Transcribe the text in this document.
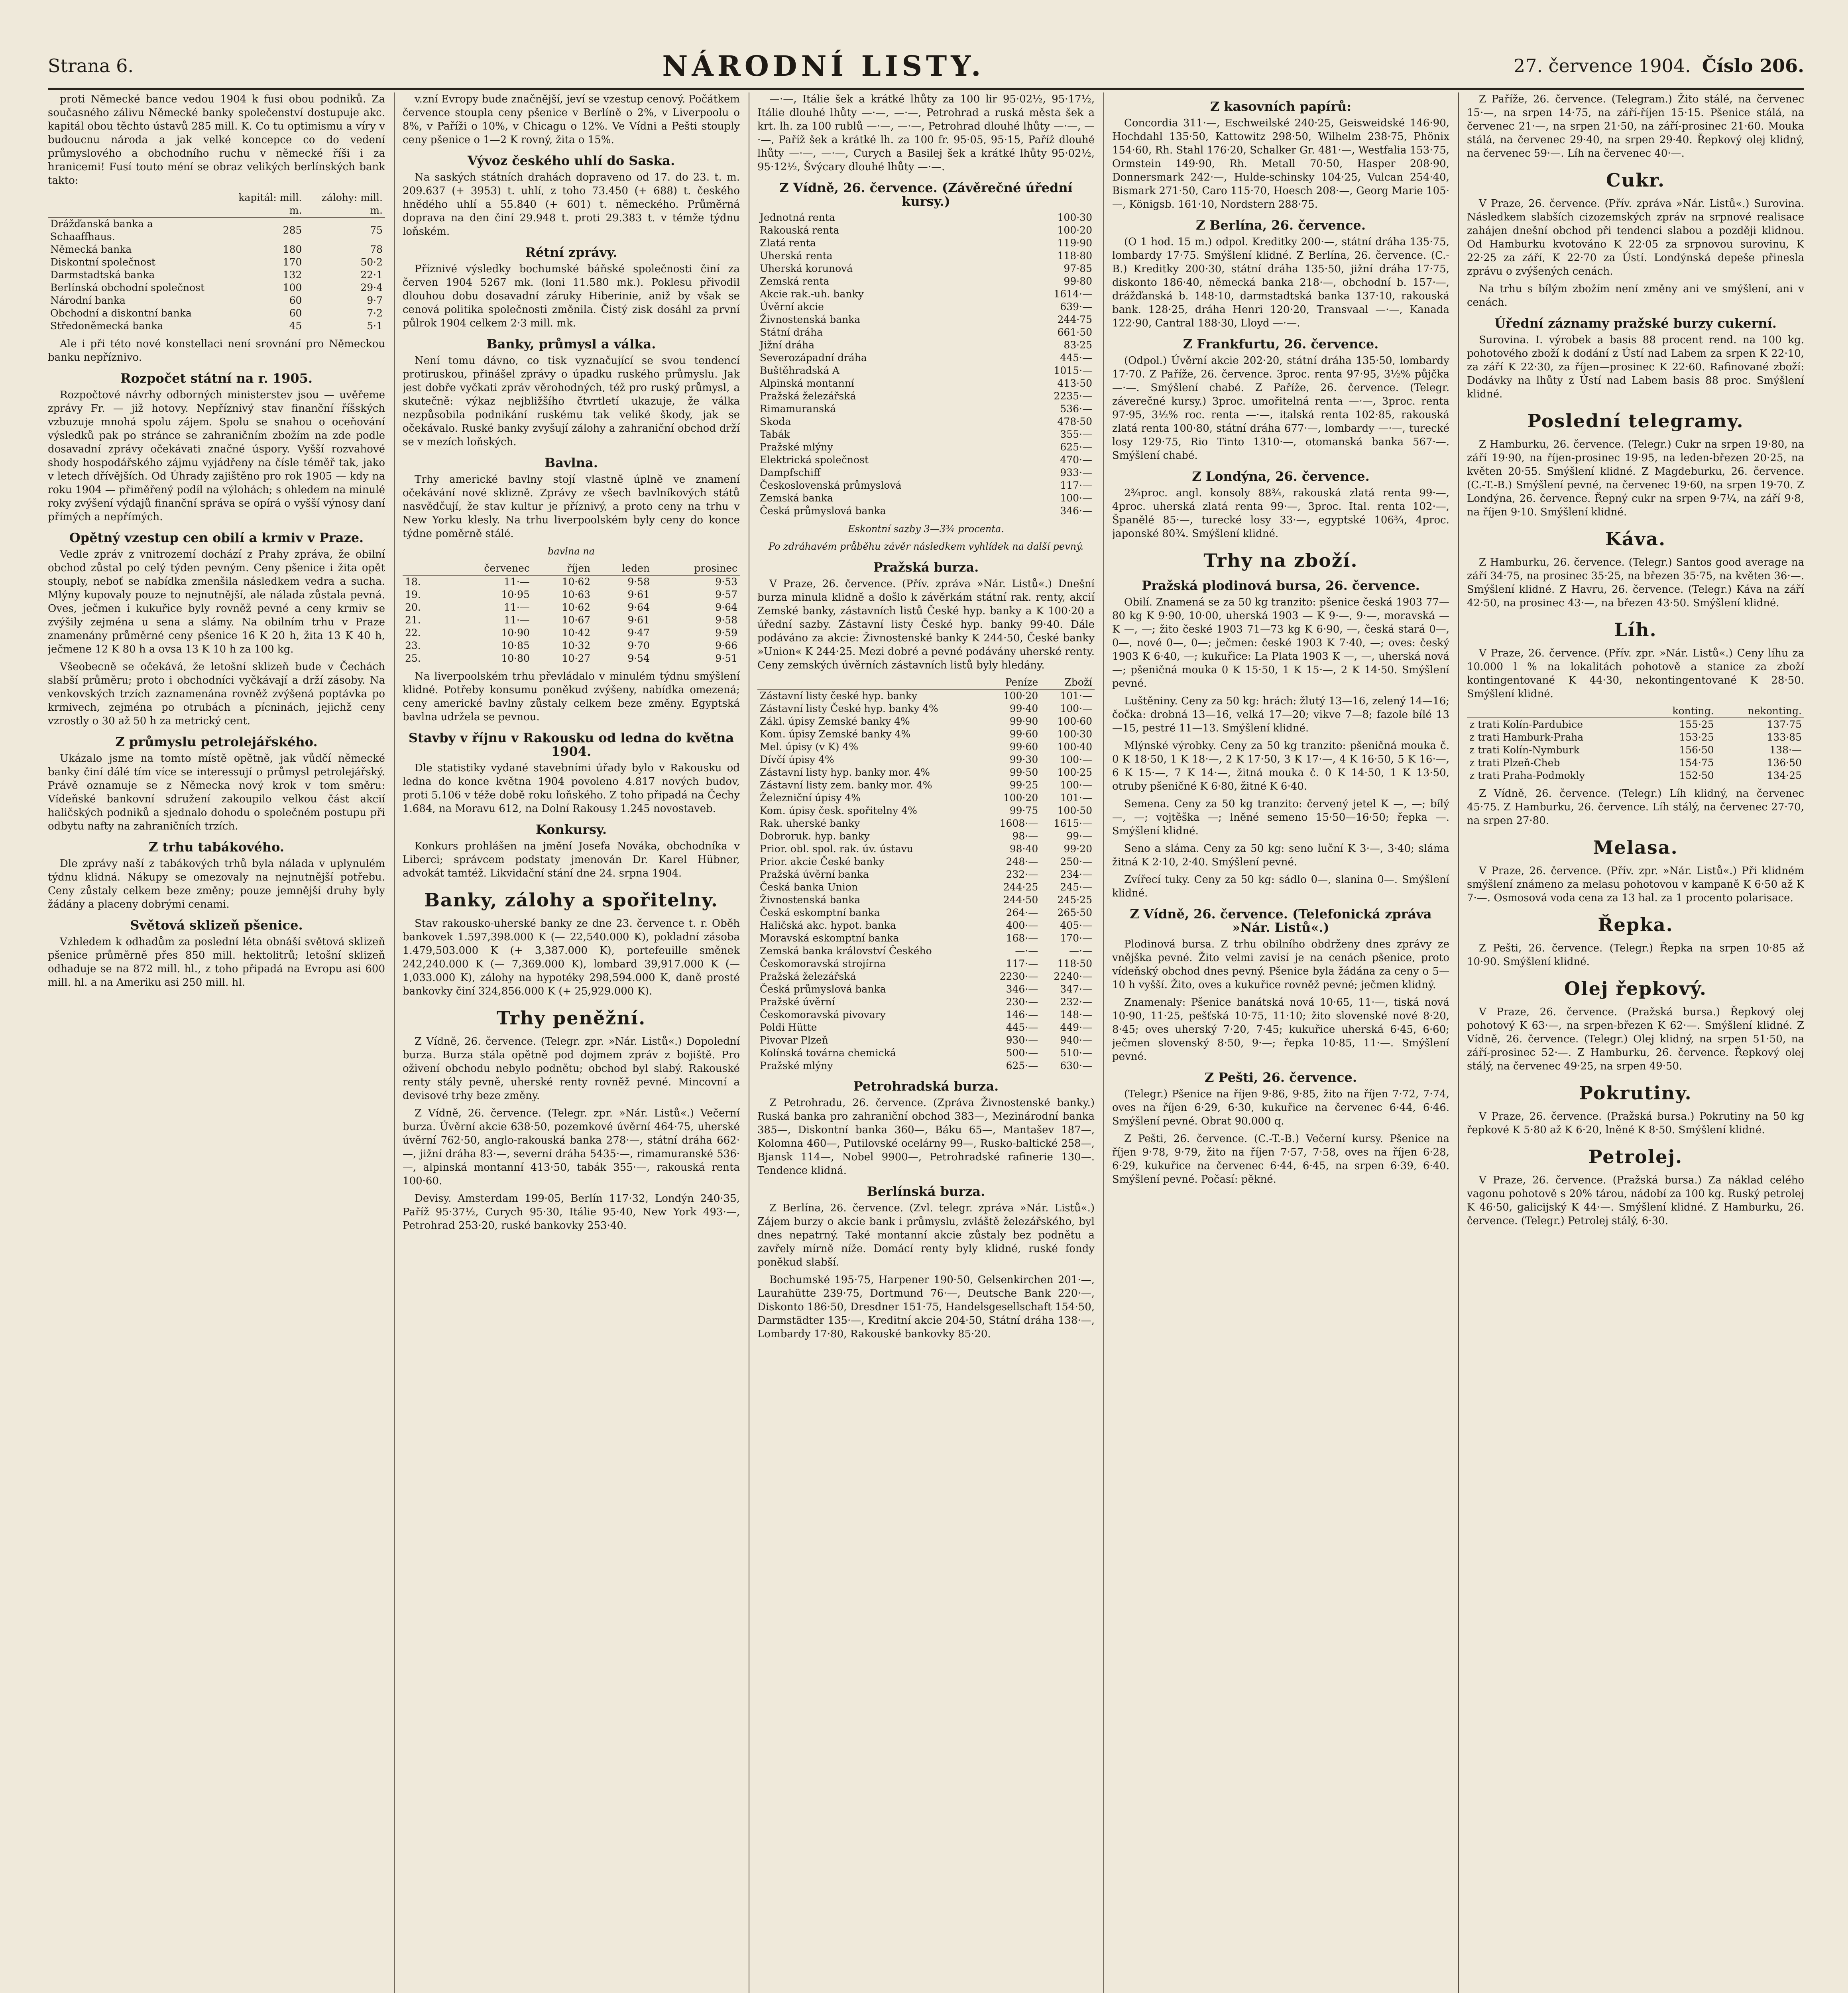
Strana 6.	NÁRODNÍ LISTY.	27. července 1904. Číslo 206.

proti Německé bance vedou 1904 k fusi obou podniků. Za současného zálivu Německé banky společenství dostupuje akc. kapitál obou těchto ústavů 285 mill. K. Co tu optimismu a víry v budoucnu národa a jak velké koncepce co do vedení průmyslového a obchodního ruchu v německé říši i za hranicemi! Fusí touto méní se obraz velikých berlínských bank takto:

	kapitál: mill. m.	zálohy: mill. m.
Drážďanská banka a Schaaffhaus.	285	75
Německá banka	180	78
Diskontní společnost	170	50·2
Darmstadtská banka	132	22·1
Berlínská obchodní společnost	100	29·4
Národní banka	60	9·7
Obchodní a diskontní banka	60	7·2
Středoněmecká banka	45	5·1

Ale i při této nové konstellaci není srovnání pro Německou banku nepříznivo.

Rozpočet státní na r. 1905.

Rozpočtové návrhy odborných ministerstev jsou — uvěřeme zprávy Fr. — již hotovy. Nepříznivý stav finanční říšských vzbuzuje mnohá spolu zájem. Spolu se snahou o oceňování výsledků pak po stránce se zahraničním zbožím na zde podle dosavadní zprávy očekávati značné úspory. Vyšší rozvahové shody hospodářského zájmu vyjádřeny na čísle téměř tak, jako v letech dřívějších. Od Úhrady zajištěno pro rok 1905 — kdy na roku 1904 — přiměřený podíl na výlohách; s ohledem na minulé roky zvýšení výdajů finanční správa se opírá o vyšší výnosy daní přímých a nepřímých.

Opětný vzestup cen obilí a krmiv v Praze.

Vedle zpráv z vnitrozemí dochází z Prahy zpráva, že obilní obchod zůstal po celý týden pevným. Ceny pšenice i žita opět stouply, neboť se nabídka zmenšila následkem vedra a sucha. Mlýny kupovaly pouze to nejnutnější, ale nálada zůstala pevná. Oves, ječmen i kukuřice byly rovněž pevné a ceny krmiv se zvýšily zejména u sena a slámy. Na obilním trhu v Praze znamenány průměrné ceny pšenice 16 K 20 h, žita 13 K 40 h, ječmene 12 K 80 h a ovsa 13 K 10 h za 100 kg.

Všeobecně se očekává, že letošní sklizeň bude v Čechách slabší průměru; proto i obchodníci vyčkávají a drží zásoby. Na venkovských trzích zaznamenána rovněž zvýšená poptávka po krmivech, zejména po otrubách a pícninách, jejichž ceny vzrostly o 30 až 50 h za metrický cent.

Z průmyslu petrolejářského.

Ukázalo jsme na tomto místě opětně, jak vůdčí německé banky činí dálé tím více se interessují o průmysl petrolejářský. Právě oznamuje se z Německa nový krok v tom směru: Vídeňské bankovní sdružení zakoupilo velkou část akcií haličských podniků a sjednalo dohodu o společném postupu při odbytu nafty na zahraničních trzích.

Z trhu tabákového.

Dle zprávy naší z tabákových trhů byla nálada v uplynulém týdnu klidná. Nákupy se omezovaly na nejnutnější potřebu. Ceny zůstaly celkem beze změny; pouze jemnější druhy byly žádány a placeny dobrými cenami.

Světová sklizeň pšenice.

Vzhledem k odhadům za poslední léta obnáší světová sklizeň pšenice průměrně přes 850 mill. hektolitrů; letošní sklizeň odhaduje se na 872 mill. hl., z toho připadá na Evropu asi 600 mill. hl. a na Ameriku asi 250 mill. hl.

v.zní Evropy bude značnější, jeví se vzestup cenový. Počátkem července stoupla ceny pšenice v Berlíně o 2%, v Liverpoolu o 8%, v Paříži o 10%, v Chicagu o 12%. Ve Vídni a Pešti stouply ceny pšenice o 1—2 K rovný, žita o 15%.

Vývoz českého uhlí do Saska.

Na saských státních drahách dopraveno od 17. do 23. t. m. 209.637 (+ 3953) t. uhlí, z toho 73.450 (+ 688) t. českého hnědého uhlí a 55.840 (+ 601) t. německého. Průměrná doprava na den činí 29.948 t. proti 29.383 t. v témže týdnu loňském.

Rétní zprávy.

Příznivé výsledky bochumské báňské společnosti činí za červen 1904 5267 mk. (loni 11.580 mk.). Poklesu přivodil dlouhou dobu dosavadní záruky Hiberinie, aniž by však se cenová politika společnosti změnila. Čistý zisk dosáhl za první půlrok 1904 celkem 2·3 mill. mk.

Banky, průmysl a válka.

Není tomu dávno, co tisk vyznačující se svou tendencí protiruskou, přinášel zprávy o úpadku ruského průmyslu. Jak jest dobře vyčkati zpráv věrohodných, též pro ruský průmysl, a skutečně: výkaz nejbližšího čtvrtletí ukazuje, že válka nezpůsobila podnikání ruskému tak veliké škody, jak se očekávalo. Ruské banky zvyšují zálohy a zahraniční obchod drží se v mezích loňských.

Bavlna.

Trhy americké bavlny stojí vlastně úplně ve znamení očekávání nové sklizně. Zprávy ze všech bavlníkových států nasvědčují, že stav kultur je příznivý, a proto ceny na trhu v New Yorku klesly. Na trhu liverpoolském byly ceny do konce týdne poměrně stálé.

bavlna na
	červenec	říjen	leden	prosinec
18.	11·—	10·62	9·58	9·53
19.	10·95	10·63	9·61	9·57
20.	11·—	10·62	9·64	9·64
21.	11·—	10·67	9·61	9·58
22.	10·90	10·42	9·47	9·59
23.	10·85	10·32	9·70	9·66
25.	10·80	10·27	9·54	9·51

Na liverpoolském trhu převládalo v minulém týdnu smýšlení klidné. Potřeby konsumu poněkud zvýšeny, nabídka omezená; ceny americké bavlny zůstaly celkem beze změny. Egyptská bavlna udržela se pevnou.

Stavby v říjnu v Rakousku od ledna do května 1904.

Dle statistiky vydané stavebními úřady bylo v Rakousku od ledna do konce května 1904 povoleno 4.817 nových budov, proti 5.106 v téže době roku loňského. Z toho připadá na Čechy 1.684, na Moravu 612, na Dolní Rakousy 1.245 novostaveb.

Konkursy.

Konkurs prohlášen na jmění Josefa Nováka, obchodníka v Liberci; správcem podstaty jmenován Dr. Karel Hübner, advokát tamtéž. Likvidační stání dne 24. srpna 1904.

Banky, zálohy a spořitelny.

Stav rakousko-uherské banky ze dne 23. července t. r. Oběh bankovek 1.597,398.000 K (— 22,540.000 K), pokladní zásoba 1.479,503.000 K (+ 3,387.000 K), portefeuille směnek 242,240.000 K (— 7,369.000 K), lombard 39,917.000 K (— 1,033.000 K), zálohy na hypotéky 298,594.000 K, daně prosté bankovky činí 324,856.000 K (+ 25,929.000 K).

Trhy peněžní.

Z Vídně, 26. července. (Telegr. zpr. »Nár. Listů«.) Dopolední burza. Burza stála opětně pod dojmem zpráv z bojiště. Pro oživení obchodu nebylo podnětu; obchod byl slabý. Rakouské renty stály pevně, uherské renty rovněž pevné. Mincovní a devisové trhy beze změny.

Z Vídně, 26. července. (Telegr. zpr. »Nár. Listů«.) Večerní burza. Úvěrní akcie 638·50, pozemkové úvěrní 464·75, uherské úvěrní 762·50, anglo-rakouská banka 278·—, státní dráha 662·—, jižní dráha 83·—, severní dráha 5435·—, rimamuranské 536·—, alpinská montanní 413·50, tabák 355·—, rakouská renta 100·60.

Devisy. Amsterdam 199·05, Berlín 117·32, Londýn 240·35, Paříž 95·37½, Curych 95·30, Itálie 95·40, New York 493·—, Petrohrad 253·20, ruské bankovky 253·40.

—·—, Itálie šek a krátké lhůty za 100 lir 95·02½, 95·17½, Itálie dlouhé lhůty —·—, —·—, Petrohrad a ruská města šek a krt. lh. za 100 rublů —·—, —·—, Petrohrad dlouhé lhůty —·—, —·—, Paříž šek a krátké lh. za 100 fr. 95·05, 95·15, Paříž dlouhé lhůty —·—, —·—, Curych a Basilej šek a krátké lhůty 95·02½, 95·12½, Švýcary dlouhé lhůty —·—.

Z Vídně, 26. července. (Závěrečné úřední kursy.)
Jednotná renta	100·30
Rakouská renta	100·20
Zlatá renta	119·90
Uherská renta	118·80
Uherská korunová	97·85
Zemská renta	99·80
Akcie rak.-uh. banky	1614·—
Úvěrní akcie	639·—
Živnostenská banka	244·75
Státní dráha	661·50
Jižní dráha	83·25
Severozápadní dráha	445·—
Buštěhradská A	1015·—
Alpinská montanní	413·50
Pražská železářská	2235·—
Rimamuranská	536·—
Skoda	478·50
Tabák	355·—
Pražské mlýny	625·—
Elektrická společnost	470·—
Dampfschiff	933·—
Československá průmyslová	117·—
Zemská banka	100·—
Česká průmyslová banka	346·—
Eskontní sazby 3—3¾ procenta.
Po zdráhavém průběhu závěr následkem vyhlídek na další pevný.
Pražská burza.

V Praze, 26. července. (Přív. zpráva »Nár. Listů«.) Dnešní burza minula klidně a došlo k závěrkám státní rak. renty, akcií Zemské banky, zástavních listů České hyp. banky a K 100·20 a úřední sazby. Zástavní listy České hyp. banky 99·40. Dále podáváno za akcie: Živnostenské banky K 244·50, České banky »Union« K 244·25. Mezi dobré a pevné podávány uherské renty. Ceny zemských úvěrních zástavních listů byly hledány.

	Peníze	Zboží
Zástavní listy české hyp. banky	100·20	101·—
Zástavní listy České hyp. banky 4%	99·40	100·—
Zákl. úpisy Zemské banky 4%	99·90	100·60
Kom. úpisy Zemské banky 4%	99·60	100·30
Mel. úpisy (v K) 4%	99·60	100·40
Dívčí úpisy 4%	99·30	100·—
Zástavní listy hyp. banky mor. 4%	99·50	100·25
Zástavní listy zem. banky mor. 4%	99·25	100·—
Železniční úpisy 4%	100·20	101·—
Kom. úpisy česk. spořitelny 4%	99·75	100·50
Rak. uherské banky	1608·—	1615·—
Dobroruk. hyp. banky	98·—	99·—
Prior. obl. spol. rak. úv. ústavu	98·40	99·20
Prior. akcie České banky	248·—	250·—
Pražská úvěrní banka	232·—	234·—
Česká banka Union	244·25	245·—
Živnostenská banka	244·50	245·25
Česká eskomptní banka	264·—	265·50
Haličská akc. hypot. banka	400·—	405·—
Moravská eskomptní banka	168·—	170·—
Zemská banka království Českého	—·—	—·—
Českomoravská strojírna	117·—	118·50
Pražská železářská	2230·—	2240·—
Česká průmyslová banka	346·—	347·—
Pražské úvěrní	230·—	232·—
Českomoravská pivovary	146·—	148·—
Poldi Hütte	445·—	449·—
Pivovar Plzeň	930·—	940·—
Kolínská továrna chemická	500·—	510·—
Pražské mlýny	625·—	630·—
Petrohradská burza.

Z Petrohradu, 26. července. (Zpráva Živnostenské banky.) Ruská banka pro zahraniční obchod 383—, Mezinárodní banka 385—, Diskontní banka 360—, Báku 65—, Mantašev 187—, Kolomna 460—, Putilovské ocelárny 99—, Rusko-baltické 258—, Bjansk 114—, Nobel 9900—, Petrohradské rafinerie 130—. Tendence klidná.

Berlínská burza.

Z Berlína, 26. července. (Zvl. telegr. zpráva »Nár. Listů«.) Zájem burzy o akcie bank i průmyslu, zvláště železářského, byl dnes nepatrný. Také montanní akcie zůstaly bez podnětu a zavřely mírně níže. Domácí renty byly klidné, ruské fondy poněkud slabší.

Bochumské 195·75, Harpener 190·50, Gelsenkirchen 201·—, Laurahütte 239·75, Dortmund 76·—, Deutsche Bank 220·—, Diskonto 186·50, Dresdner 151·75, Handelsgesellschaft 154·50, Darmstädter 135·—, Kreditní akcie 204·50, Státní dráha 138·—, Lombardy 17·80, Rakouské bankovky 85·20.

Z kasovních papírů:

Concordia 311·—, Eschweilské 240·25, Geisweidské 146·90, Hochdahl 135·50, Kattowitz 298·50, Wilhelm 238·75, Phönix 154·60, Rh. Stahl 176·20, Schalker Gr. 481·—, Westfalia 153·75, Ormstein 149·90, Rh. Metall 70·50, Hasper 208·90, Donnersmark 242·—, Hulde-schinsky 104·25, Vulcan 254·40, Bismark 271·50, Caro 115·70, Hoesch 208·—, Georg Marie 105·—, Königsb. 161·10, Nordstern 288·75.

Z Berlína, 26. července.

(O 1 hod. 15 m.) odpol. Kreditky 200·—, státní dráha 135·75, lombardy 17·75. Smýšlení klidné. Z Berlína, 26. července. (C.-B.) Kreditky 200·30, státní dráha 135·50, jižní dráha 17·75, diskonto 186·40, německá banka 218·—, obchodní b. 157·—, drážďanská b. 148·10, darmstadtská banka 137·10, rakouská bank. 128·25, dráha Henri 120·20, Transvaal —·—, Kanada 122·90, Cantral 188·30, Lloyd —·—.

Z Frankfurtu, 26. července.

(Odpol.) Úvěrní akcie 202·20, státní dráha 135·50, lombardy 17·70. Z Paříže, 26. července. 3proc. renta 97·95, 3½% půjčka —·—. Smýšlení chabé. Z Paříže, 26. července. (Telegr. záverečné kursy.) 3proc. umořitelná renta —·—, 3proc. renta 97·95, 3½% roc. renta —·—, italská renta 102·85, rakouská zlatá renta 100·80, státní dráha 677·—, lombardy —·—, turecké losy 129·75, Rio Tinto 1310·—, otomanská banka 567·—. Smýšlení chabé.

Z Londýna, 26. července.

2¾proc. angl. konsoly 88¾, rakouská zlatá renta 99·—, 4proc. uherská zlatá renta 99·—, 3proc. Ital. renta 102·—, Španělé 85·—, turecké losy 33·—, egyptské 106¾, 4proc. japonské 80¾. Smýšlení klidné.

Trhy na zboží.
Pražská plodinová bursa, 26. července.

Obilí. Znamená se za 50 kg tranzito: pšenice česká 1903 77—80 kg K 9·90, 10·00, uherská 1903 — K 9·—, 9·—, moravská — K —, —; žito české 1903 71—73 kg K 6·90, —, česká stará 0—, 0—, nové 0—, 0—; ječmen: české 1903 K 7·40, —; oves: český 1903 K 6·40, —; kukuřice: La Plata 1903 K —, —, uherská nová —; pšeničná mouka 0 K 15·50, 1 K 15·—, 2 K 14·50. Smýšlení pevné.

Luštěniny. Ceny za 50 kg: hrách: žlutý 13—16, zelený 14—16; čočka: drobná 13—16, velká 17—20; vikve 7—8; fazole bílé 13—15, pestré 11—13. Smýšlení klidné.

Mlýnské výrobky. Ceny za 50 kg tranzito: pšeničná mouka č. 0 K 18·50, 1 K 18·—, 2 K 17·50, 3 K 17·—, 4 K 16·50, 5 K 16·—, 6 K 15·—, 7 K 14·—, žitná mouka č. 0 K 14·50, 1 K 13·50, otruby pšeničné K 6·80, žitné K 6·40.

Semena. Ceny za 50 kg tranzito: červený jetel K —, —; bílý —, —; vojtěška —; lněné semeno 15·50—16·50; řepka —. Smýšlení klidné.

Seno a sláma. Ceny za 50 kg: seno luční K 3·—, 3·40; sláma žitná K 2·10, 2·40. Smýšlení pevné.

Zvířecí tuky. Ceny za 50 kg: sádlo 0—, slanina 0—. Smýšlení klidné.

Z Vídně, 26. července. (Telefonická zpráva »Nár. Listů«.)

Plodinová bursa. Z trhu obilního obdrženy dnes zprávy ze vnějška pevné. Žito velmi zavisí je na cenách pšenice, proto vídeňský obchod dnes pevný. Pšenice byla žádána za ceny o 5—10 h vyšší. Žito, oves a kukuřice rovněž pevné; ječmen klidný.

Znamenaly: Pšenice banátská nová 10·65, 11·—, tiská nová 10·90, 11·25, pešťská 10·75, 11·10; žito slovenské nové 8·20, 8·45; oves uherský 7·20, 7·45; kukuřice uherská 6·45, 6·60; ječmen slovenský 8·50, 9·—; řepka 10·85, 11·—. Smýšlení pevné.

Z Pešti, 26. července.

(Telegr.) Pšenice na říjen 9·86, 9·85, žito na říjen 7·72, 7·74, oves na říjen 6·29, 6·30, kukuřice na červenec 6·44, 6·46. Smýšlení pevné. Obrat 90.000 q.

Z Pešti, 26. července. (C.-T.-B.) Večerní kursy. Pšenice na říjen 9·78, 9·79, žito na říjen 7·57, 7·58, oves na říjen 6·28, 6·29, kukuřice na červenec 6·44, 6·45, na srpen 6·39, 6·40. Smýšlení pevné. Počasí: pěkné.

Z Paříže, 26. července. (Telegram.) Žito stálé, na červenec 15·—, na srpen 14·75, na září-říjen 15·15. Pšenice stálá, na červenec 21·—, na srpen 21·50, na září-prosinec 21·60. Mouka stálá, na červenec 29·40, na srpen 29·40. Řepkový olej klidný, na červenec 59·—. Líh na červenec 40·—.

Cukr.

V Praze, 26. července. (Přív. zpráva »Nár. Listů«.) Surovina. Následkem slabších cizozemských zpráv na srpnové realisace zahájen dnešní obchod při tendenci slabou a později klidnou. Od Hamburku kvotováno K 22·05 za srpnovou surovinu, K 22·25 za září, K 22·70 za Ústí. Londýnská depeše přinesla zprávu o zvýšených cenách.

Na trhu s bílým zbožím není změny ani ve smýšlení, ani v cenách.

Úřední záznamy pražské burzy cukerní.

Surovina. I. výrobek a basis 88 procent rend. na 100 kg. pohotového zboží k dodání z Ústí nad Labem za srpen K 22·10, za září K 22·30, za říjen—prosinec K 22·60. Rafinované zboží: Dodávky na lhůty z Ústí nad Labem basis 88 proc. Smýšlení klidné.

Poslední telegramy.

Z Hamburku, 26. července. (Telegr.) Cukr na srpen 19·80, na září 19·90, na říjen-prosinec 19·95, na leden-březen 20·25, na květen 20·55. Smýšlení klidné. Z Magdeburku, 26. července. (C.-T.-B.) Smýšlení pevné, na červenec 19·60, na srpen 19·70. Z Londýna, 26. července. Řepný cukr na srpen 9·7¼, na září 9·8, na říjen 9·10. Smýšlení klidné.

Káva.

Z Hamburku, 26. července. (Telegr.) Santos good average na září 34·75, na prosinec 35·25, na březen 35·75, na květen 36·—. Smýšlení klidné. Z Havru, 26. července. (Telegr.) Káva na září 42·50, na prosinec 43·—, na březen 43·50. Smýšlení klidné.

Líh.

V Praze, 26. července. (Přív. zpr. »Nár. Listů«.) Ceny líhu za 10.000 l % na lokalitách pohotově a stanice za zboží kontingentované K 44·30, nekontingentované K 28·50. Smýšlení klidné.

	konting.	nekonting.
z trati Kolín-Pardubice	155·25	137·75
z trati Hamburk-Praha	153·25	133·85
z trati Kolín-Nymburk	156·50	138·—
z trati Plzeň-Cheb	154·75	136·50
z trati Praha-Podmokly	152·50	134·25

Z Vídně, 26. července. (Telegr.) Líh klidný, na červenec 45·75. Z Hamburku, 26. července. Líh stálý, na červenec 27·70, na srpen 27·80.

Melasa.

V Praze, 26. července. (Přív. zpr. »Nár. Listů«.) Při klidném smýšlení známeno za melasu pohotovou v kampaně K 6·50 až K 7·—. Osmosová voda cena za 13 hal. za 1 procento polarisace.

Řepka.

Z Pešti, 26. července. (Telegr.) Řepka na srpen 10·85 až 10·90. Smýšlení klidné.

Olej řepkový.

V Praze, 26. července. (Pražská bursa.) Řepkový olej pohotový K 63·—, na srpen-březen K 62·—. Smýšlení klidné. Z Vídně, 26. července. (Telegr.) Olej klidný, na srpen 51·50, na září-prosinec 52·—. Z Hamburku, 26. července. Řepkový olej stálý, na červenec 49·25, na srpen 49·50.

Pokrutiny.

V Praze, 26. července. (Pražská bursa.) Pokrutiny na 50 kg řepkové K 5·80 až K 6·20, lněné K 8·50. Smýšlení klidné.

Petrolej.

V Praze, 26. července. (Pražská bursa.) Za náklad celého vagonu pohotově s 20% tárou, nádobí za 100 kg. Ruský petrolej K 46·50, galicijský K 44·—. Smýšlení klidné. Z Hamburku, 26. července. (Telegr.) Petrolej stálý, 6·30.
